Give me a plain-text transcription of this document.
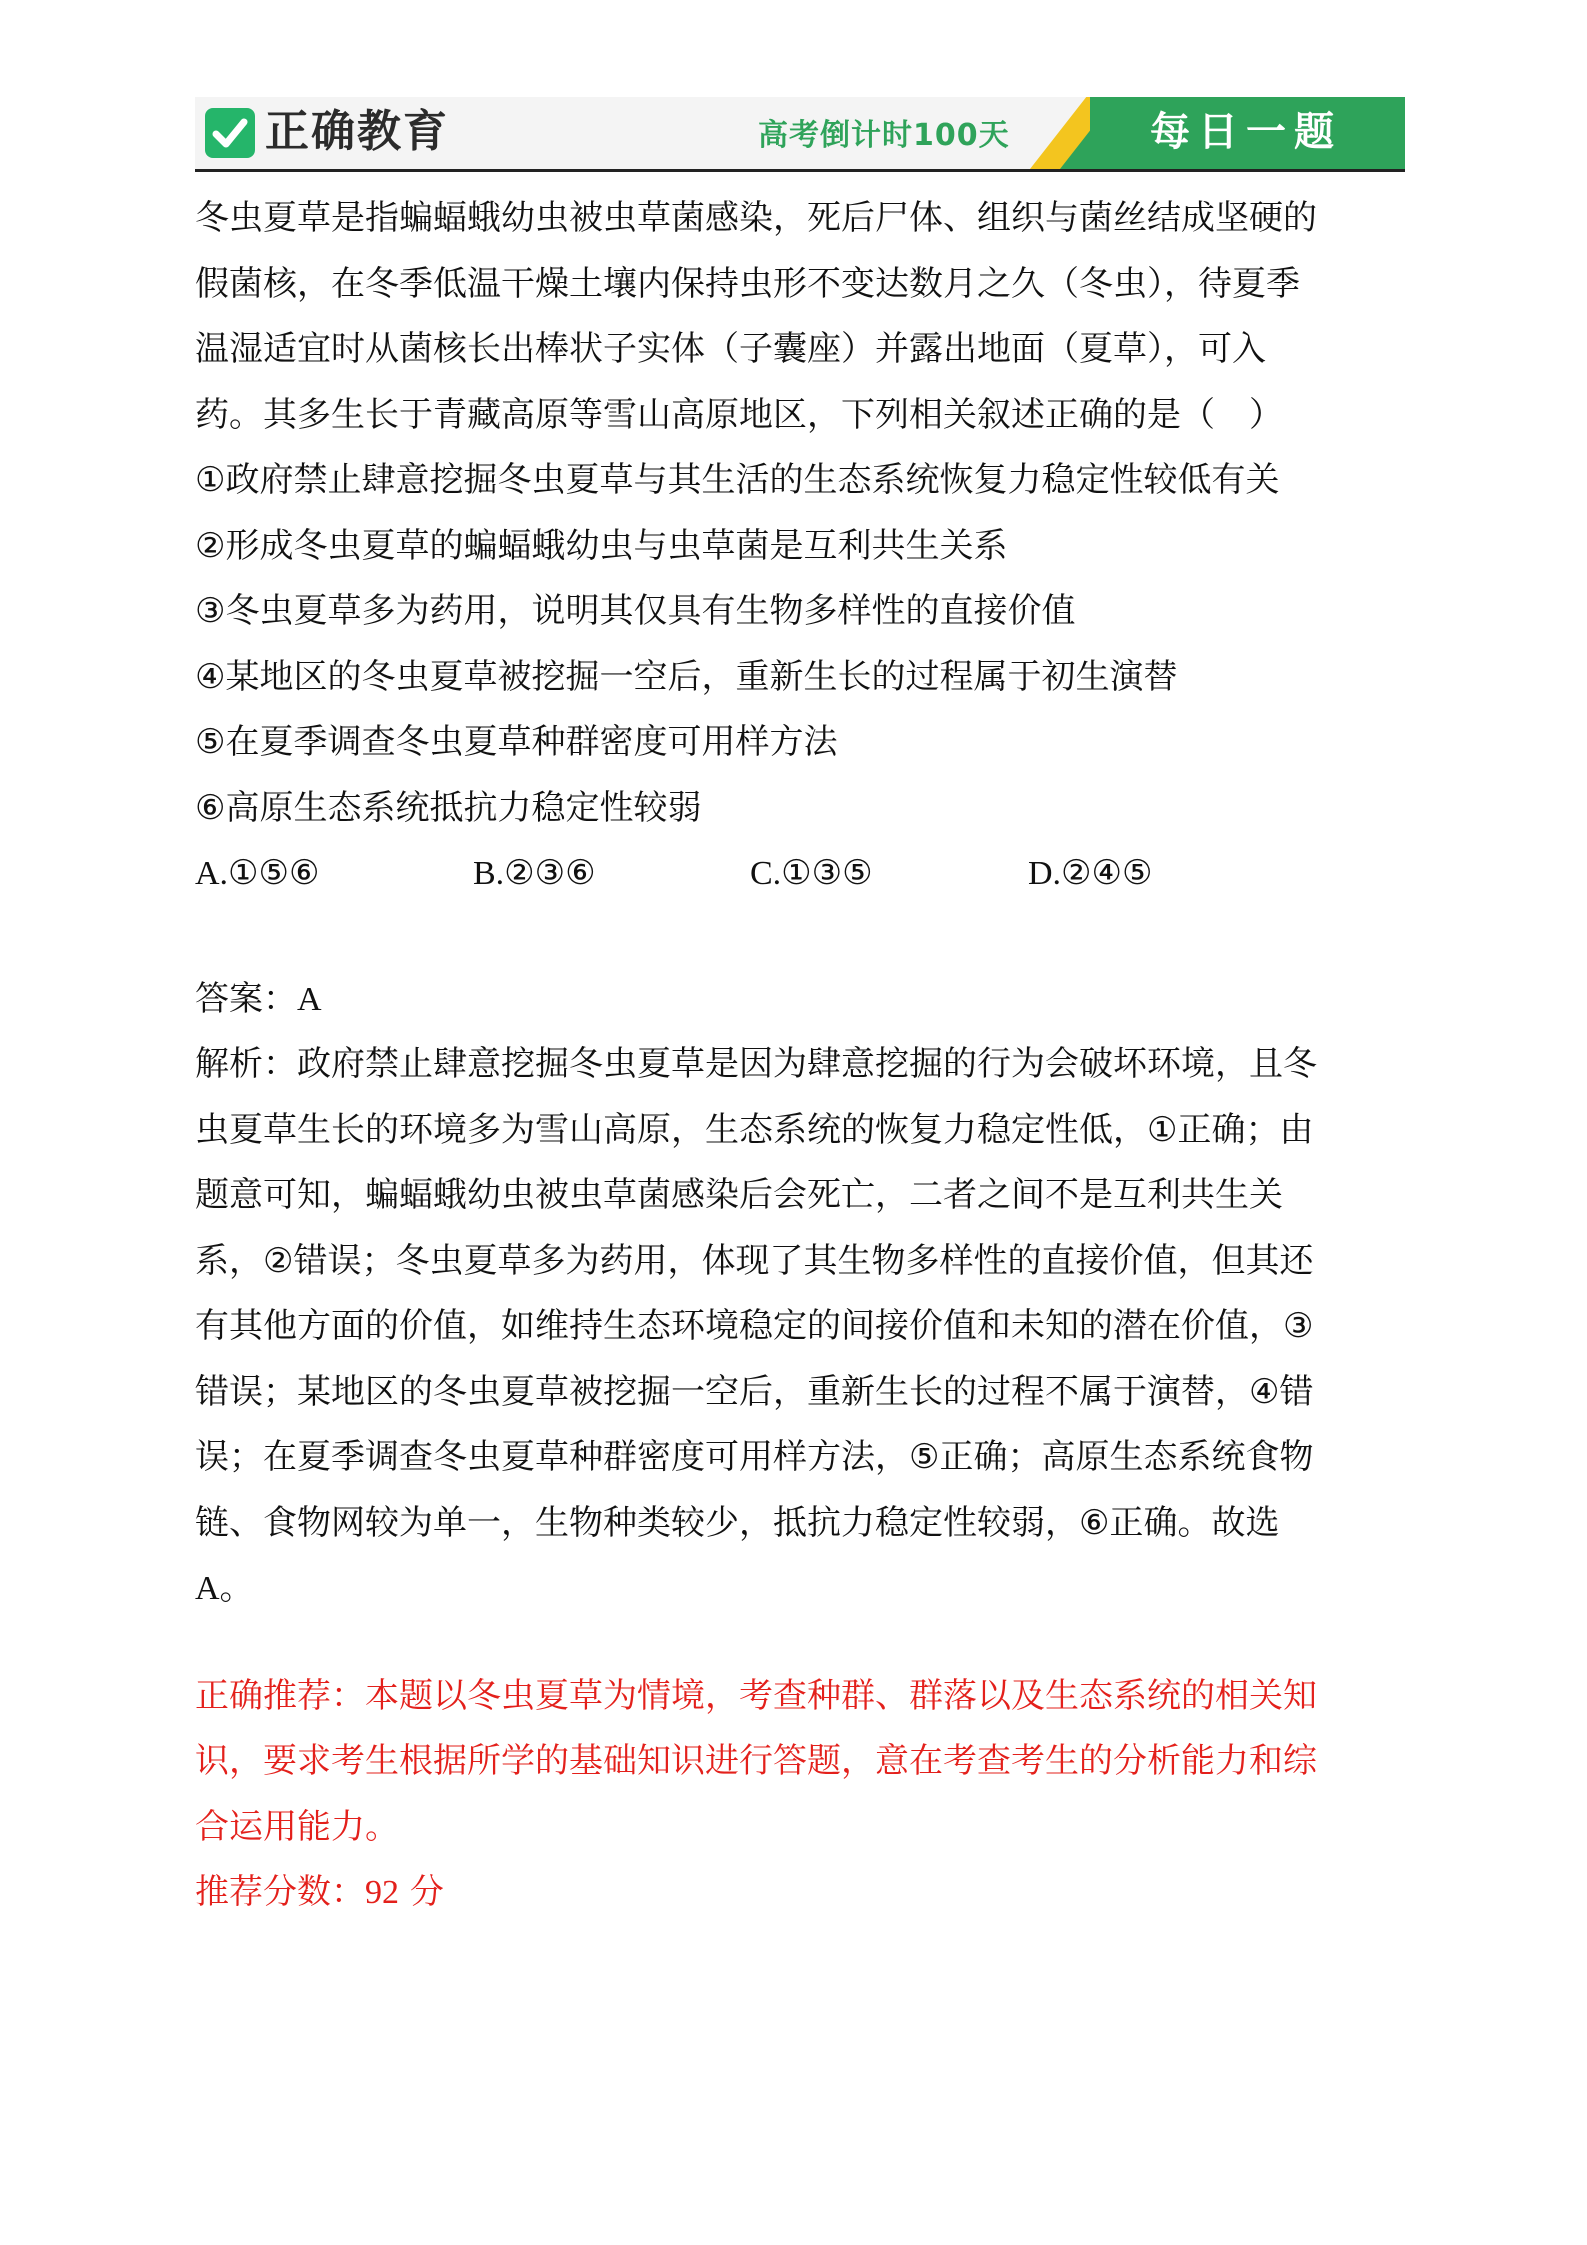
正确教育	高考倒计时100天	每日一题

冬虫夏草是指蝙蝠蛾幼虫被虫草菌感染，死后尸体、组织与菌丝结成坚硬的

假菌核，在冬季低温干燥土壤内保持虫形不变达数月之久（冬虫），待夏季

温湿适宜时从菌核长出棒状子实体（子囊座）并露出地面（夏草），可入

药。其多生长于青藏高原等雪山高原地区，下列相关叙述正确的是（　）

①政府禁止肆意挖掘冬虫夏草与其生活的生态系统恢复力稳定性较低有关

②形成冬虫夏草的蝙蝠蛾幼虫与虫草菌是互利共生关系

③冬虫夏草多为药用，说明其仅具有生物多样性的直接价值

④某地区的冬虫夏草被挖掘一空后，重新生长的过程属于初生演替

⑤在夏季调查冬虫夏草种群密度可用样方法

⑥高原生态系统抵抗力稳定性较弱

A.①⑤⑥	B.②③⑥	C.①③⑤	D.②④⑤

答案：A

解析：政府禁止肆意挖掘冬虫夏草是因为肆意挖掘的行为会破坏环境，且冬

虫夏草生长的环境多为雪山高原，生态系统的恢复力稳定性低，①正确；由

题意可知，蝙蝠蛾幼虫被虫草菌感染后会死亡，二者之间不是互利共生关

系，②错误；冬虫夏草多为药用，体现了其生物多样性的直接价值，但其还

有其他方面的价值，如维持生态环境稳定的间接价值和未知的潜在价值，③

错误；某地区的冬虫夏草被挖掘一空后，重新生长的过程不属于演替，④错

误；在夏季调查冬虫夏草种群密度可用样方法，⑤正确；高原生态系统食物

链、食物网较为单一，生物种类较少，抵抗力稳定性较弱，⑥正确。故选

A。

正确推荐：本题以冬虫夏草为情境，考查种群、群落以及生态系统的相关知

识，要求考生根据所学的基础知识进行答题，意在考查考生的分析能力和综

合运用能力。

推荐分数：92 分
